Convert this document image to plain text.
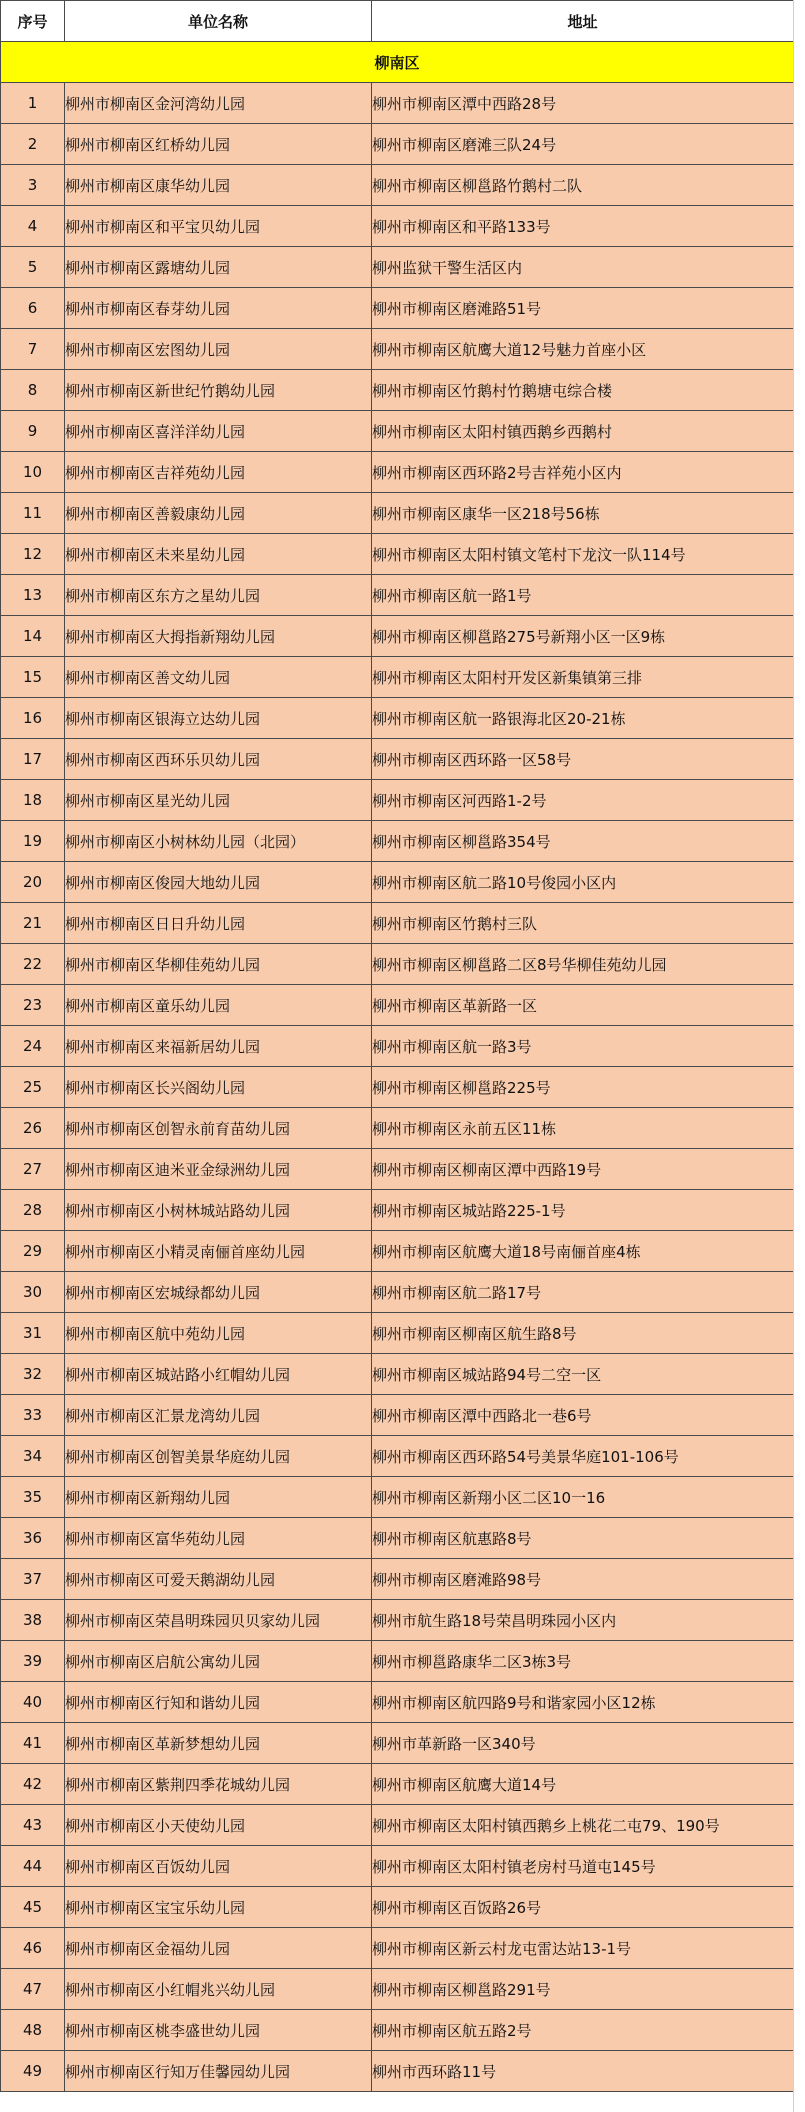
序号	单位名称	地址
柳南区		
1	柳州市柳南区金河湾幼儿园	柳州市柳南区潭中西路28号
2	柳州市柳南区红桥幼儿园	柳州市柳南区磨滩三队24号
3	柳州市柳南区康华幼儿园	柳州市柳南区柳邕路竹鹅村二队
4	柳州市柳南区和平宝贝幼儿园	柳州市柳南区和平路133号
5	柳州市柳南区露塘幼儿园	柳州监狱干警生活区内
6	柳州市柳南区春芽幼儿园	柳州市柳南区磨滩路51号
7	柳州市柳南区宏图幼儿园	柳州市柳南区航鹰大道12号魅力首座小区
8	柳州市柳南区新世纪竹鹅幼儿园	柳州市柳南区竹鹅村竹鹅塘屯综合楼
9	柳州市柳南区喜洋洋幼儿园	柳州市柳南区太阳村镇西鹅乡西鹅村
10	柳州市柳南区吉祥苑幼儿园	柳州市柳南区西环路2号吉祥苑小区内
11	柳州市柳南区善毅康幼儿园	柳州市柳南区康华一区218号56栋
12	柳州市柳南区未来星幼儿园	柳州市柳南区太阳村镇文笔村下龙汶一队114号
13	柳州市柳南区东方之星幼儿园	柳州市柳南区航一路1号
14	柳州市柳南区大拇指新翔幼儿园	柳州市柳南区柳邕路275号新翔小区一区9栋
15	柳州市柳南区善文幼儿园	柳州市柳南区太阳村开发区新集镇第三排
16	柳州市柳南区银海立达幼儿园	柳州市柳南区航一路银海北区20-21栋
17	柳州市柳南区西环乐贝幼儿园	柳州市柳南区西环路一区58号
18	柳州市柳南区星光幼儿园	柳州市柳南区河西路1-2号
19	柳州市柳南区小树林幼儿园（北园）	柳州市柳南区柳邕路354号
20	柳州市柳南区俊园大地幼儿园	柳州市柳南区航二路10号俊园小区内
21	柳州市柳南区日日升幼儿园	柳州市柳南区竹鹅村三队
22	柳州市柳南区华柳佳苑幼儿园	柳州市柳南区柳邕路二区8号华柳佳苑幼儿园
23	柳州市柳南区童乐幼儿园	柳州市柳南区革新路一区
24	柳州市柳南区来福新居幼儿园	柳州市柳南区航一路3号
25	柳州市柳南区长兴阁幼儿园	柳州市柳南区柳邕路225号
26	柳州市柳南区创智永前育苗幼儿园	柳州市柳南区永前五区11栋
27	柳州市柳南区迪米亚金绿洲幼儿园	柳州市柳南区柳南区潭中西路19号
28	柳州市柳南区小树林城站路幼儿园	柳州市柳南区城站路225-1号
29	柳州市柳南区小精灵南俪首座幼儿园	柳州市柳南区航鹰大道18号南俪首座4栋
30	柳州市柳南区宏城绿都幼儿园	柳州市柳南区航二路17号
31	柳州市柳南区航中苑幼儿园	柳州市柳南区柳南区航生路8号
32	柳州市柳南区城站路小红帽幼儿园	柳州市柳南区城站路94号二空一区
33	柳州市柳南区汇景龙湾幼儿园	柳州市柳南区潭中西路北一巷6号
34	柳州市柳南区创智美景华庭幼儿园	柳州市柳南区西环路54号美景华庭101-106号
35	柳州市柳南区新翔幼儿园	柳州市柳南区新翔小区二区10一16
36	柳州市柳南区富华苑幼儿园	柳州市柳南区航惠路8号
37	柳州市柳南区可爱天鹅湖幼儿园	柳州市柳南区磨滩路98号
38	柳州市柳南区荣昌明珠园贝贝家幼儿园	柳州市航生路18号荣昌明珠园小区内
39	柳州市柳南区启航公寓幼儿园	柳州市柳邕路康华二区3栋3号
40	柳州市柳南区行知和谐幼儿园	柳州市柳南区航四路9号和谐家园小区12栋
41	柳州市柳南区革新梦想幼儿园	柳州市革新路一区340号
42	柳州市柳南区紫荆四季花城幼儿园	柳州市柳南区航鹰大道14号
43	柳州市柳南区小天使幼儿园	柳州市柳南区太阳村镇西鹅乡上桃花二屯79、190号
44	柳州市柳南区百饭幼儿园	柳州市柳南区太阳村镇老房村马道屯145号
45	柳州市柳南区宝宝乐幼儿园	柳州市柳南区百饭路26号
46	柳州市柳南区金福幼儿园	柳州市柳南区新云村龙屯雷达站13-1号
47	柳州市柳南区小红帽兆兴幼儿园	柳州市柳南区柳邕路291号
48	柳州市柳南区桃李盛世幼儿园	柳州市柳南区航五路2号
49	柳州市柳南区行知万佳馨园幼儿园	柳州市西环路11号
